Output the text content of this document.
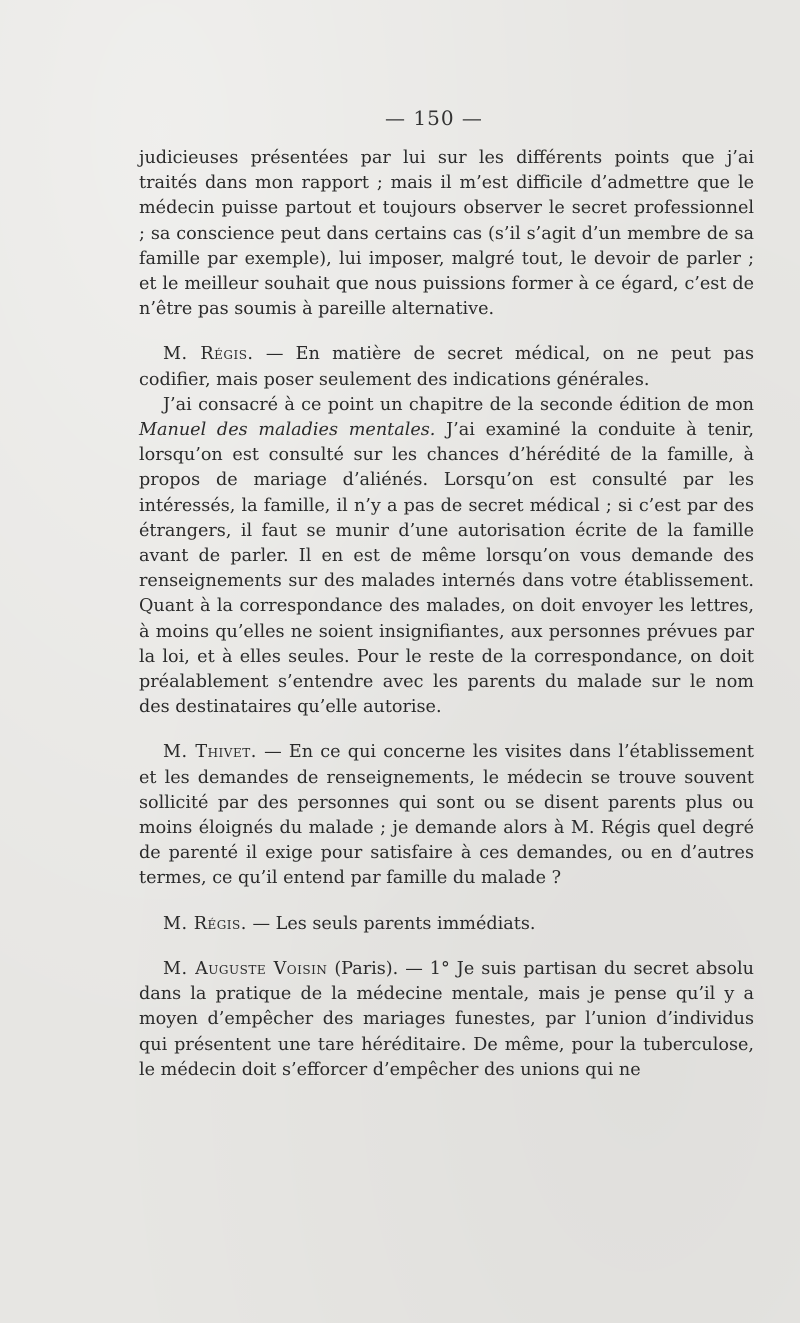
— 150 —

judicieuses présentées par lui sur les différents points que j’ai traités dans mon rapport ; mais il m’est difficile d’admettre que le médecin puisse partout et toujours observer le secret professionnel ; sa conscience peut dans certains cas (s’il s’agit d’un membre de sa famille par exemple), lui imposer, malgré tout, le devoir de parler ; et le meilleur souhait que nous puissions former à ce égard, c’est de n’être pas soumis à pareille alternative.

M. Régis. — En matière de secret médical, on ne peut pas codifier, mais poser seulement des indications générales.

J’ai consacré à ce point un chapitre de la seconde édition de mon Manuel des maladies mentales. J’ai examiné la conduite à tenir, lorsqu’on est consulté sur les chances d’hérédité de la famille, à propos de mariage d’aliénés. Lorsqu’on est consulté par les intéressés, la famille, il n’y a pas de secret médical ; si c’est par des étrangers, il faut se munir d’une autorisation écrite de la famille avant de parler. Il en est de même lorsqu’on vous demande des renseignements sur des malades internés dans votre établissement. Quant à la correspondance des malades, on doit envoyer les lettres, à moins qu’elles ne soient insignifiantes, aux personnes prévues par la loi, et à elles seules. Pour le reste de la correspondance, on doit préalablement s’entendre avec les parents du malade sur le nom des destinataires qu’elle autorise.

M. Thivet. — En ce qui concerne les visites dans l’établissement et les demandes de renseignements, le médecin se trouve souvent sollicité par des personnes qui sont ou se disent parents plus ou moins éloignés du malade ; je demande alors à M. Régis quel degré de parenté il exige pour satisfaire à ces demandes, ou en d’autres termes, ce qu’il entend par famille du malade ?

M. Régis. — Les seuls parents immédiats.

M. Auguste Voisin (Paris). — 1° Je suis partisan du secret absolu dans la pratique de la médecine mentale, mais je pense qu’il y a moyen d’empêcher des mariages funestes, par l’union d’individus qui présentent une tare héréditaire. De même, pour la tuberculose, le médecin doit s’efforcer d’empêcher des unions qui ne
